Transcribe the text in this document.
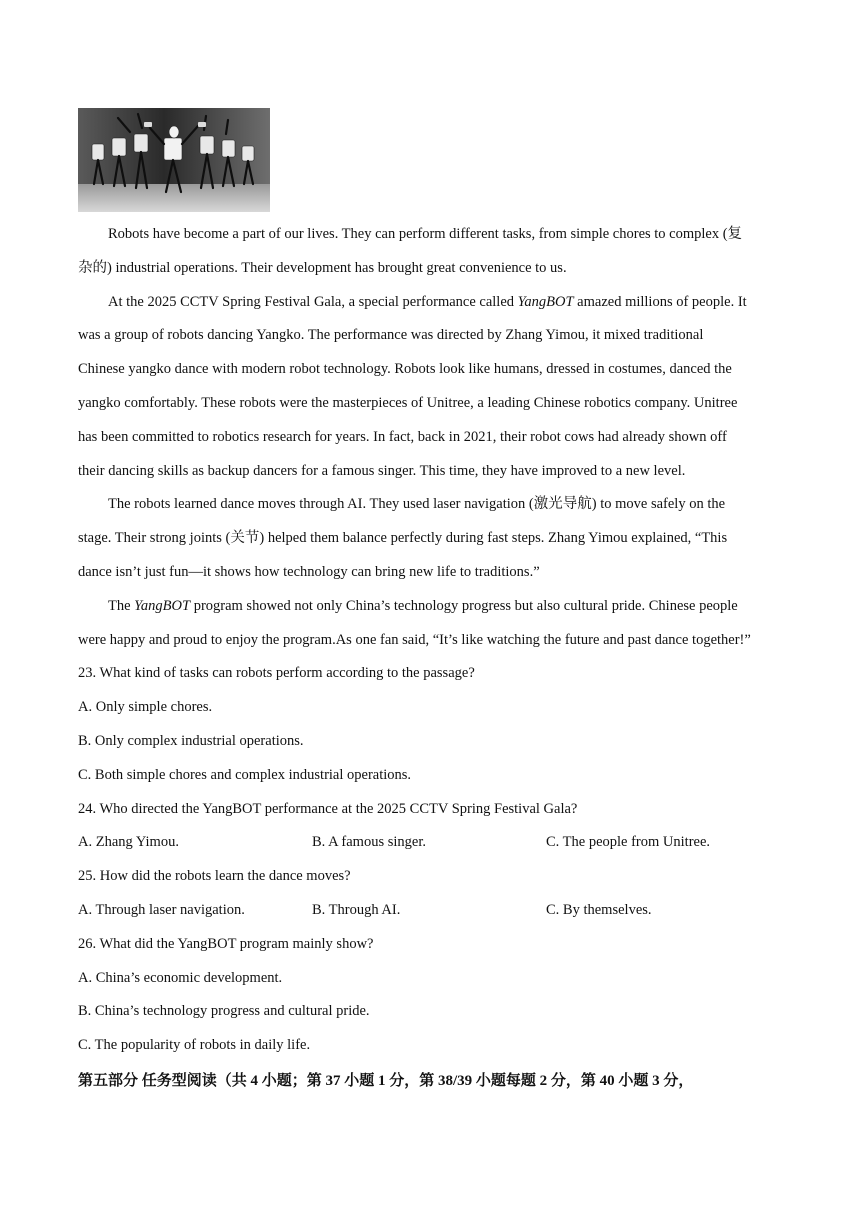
Robots have become a part of our lives. They can perform different tasks, from simple chores to complex (复
杂的) industrial operations. Their development has brought great convenience to us.
At the 2025 CCTV Spring Festival Gala, a special performance called YangBOT amazed millions of people. It
was a group of robots dancing Yangko. The performance was directed by Zhang Yimou, it mixed traditional
Chinese yangko dance with modern robot technology. Robots look like humans, dressed in costumes, danced the
yangko comfortably. These robots were the masterpieces of Unitree, a leading Chinese robotics company. Unitree
has been committed to robotics research for years. In fact, back in 2021, their robot cows had already shown off
their dancing skills as backup dancers for a famous singer. This time, they have improved to a new level.
The robots learned dance moves through AI. They used laser navigation (激光导航) to move safely on the
stage. Their strong joints (关节) helped them balance perfectly during fast steps. Zhang Yimou explained, “This
dance isn’t just fun—it shows how technology can bring new life to traditions.”
The YangBOT program showed not only China’s technology progress but also cultural pride. Chinese people
were happy and proud to enjoy the program.As one fan said, “It’s like watching the future and past dance together!”
23. What kind of tasks can robots perform according to the passage?
A. Only simple chores.
B. Only complex industrial operations.
C. Both simple chores and complex industrial operations.
24. Who directed the YangBOT performance at the 2025 CCTV Spring Festival Gala?
A. Zhang Yimou.	B. A famous singer.	C. The people from Unitree.
25. How did the robots learn the dance moves?
A. Through laser navigation.	B. Through AI.	C. By themselves.
26. What did the YangBOT program mainly show?
A. China’s economic development.
B. China’s technology progress and cultural pride.
C. The popularity of robots in daily life.
第五部分 任务型阅读（共 4 小题；第 37 小题 1 分，第 38/39 小题每题 2 分，第 40 小题 3 分，
